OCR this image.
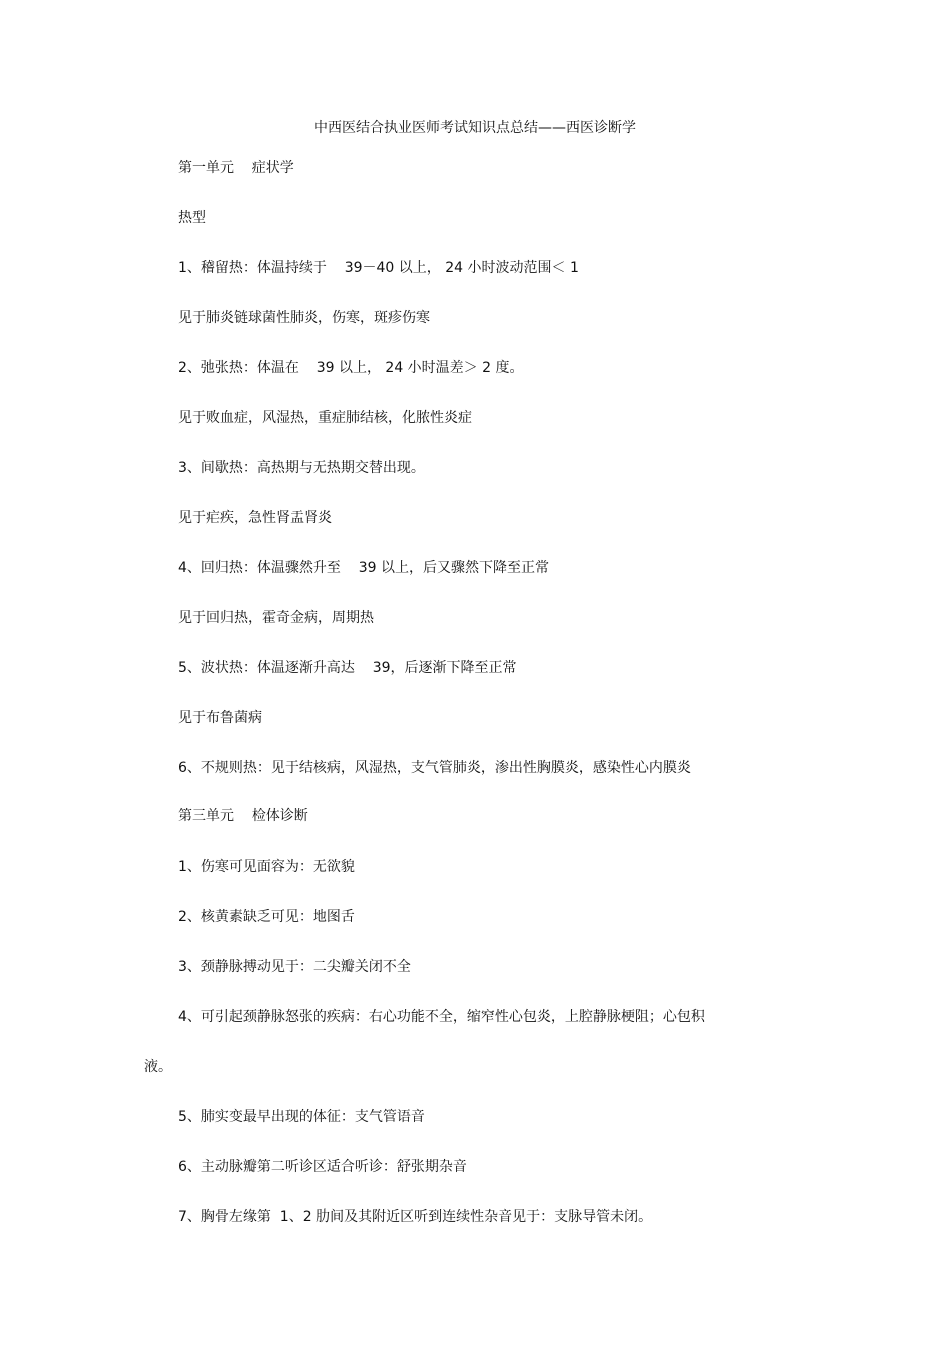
中西医结合执业医师考试知识点总结——西医诊断学
第一单元    症状学
热型
1、稽留热：体温持续于    39－40 以上， 24 小时波动范围＜ 1
见于肺炎链球菌性肺炎，伤寒，斑疹伤寒
2、弛张热：体温在    39 以上， 24 小时温差＞ 2 度。
见于败血症，风湿热，重症肺结核，化脓性炎症
3、间歇热：高热期与无热期交替出现。
见于疟疾，急性肾盂肾炎
4、回归热：体温骤然升至    39 以上，后又骤然下降至正常
见于回归热，霍奇金病，周期热
5、波状热：体温逐渐升高达    39，后逐渐下降至正常
见于布鲁菌病
6、不规则热：见于结核病，风湿热，支气管肺炎，渗出性胸膜炎，感染性心内膜炎
第三单元    检体诊断
1、伤寒可见面容为：无欲貌
2、核黄素缺乏可见：地图舌
3、颈静脉搏动见于：二尖瓣关闭不全
4、可引起颈静脉怒张的疾病：右心功能不全，缩窄性心包炎，上腔静脉梗阻；心包积
液。
5、肺实变最早出现的体征：支气管语音
6、主动脉瓣第二听诊区适合听诊：舒张期杂音
7、胸骨左缘第  1、2 肋间及其附近区听到连续性杂音见于：支脉导管未闭。
